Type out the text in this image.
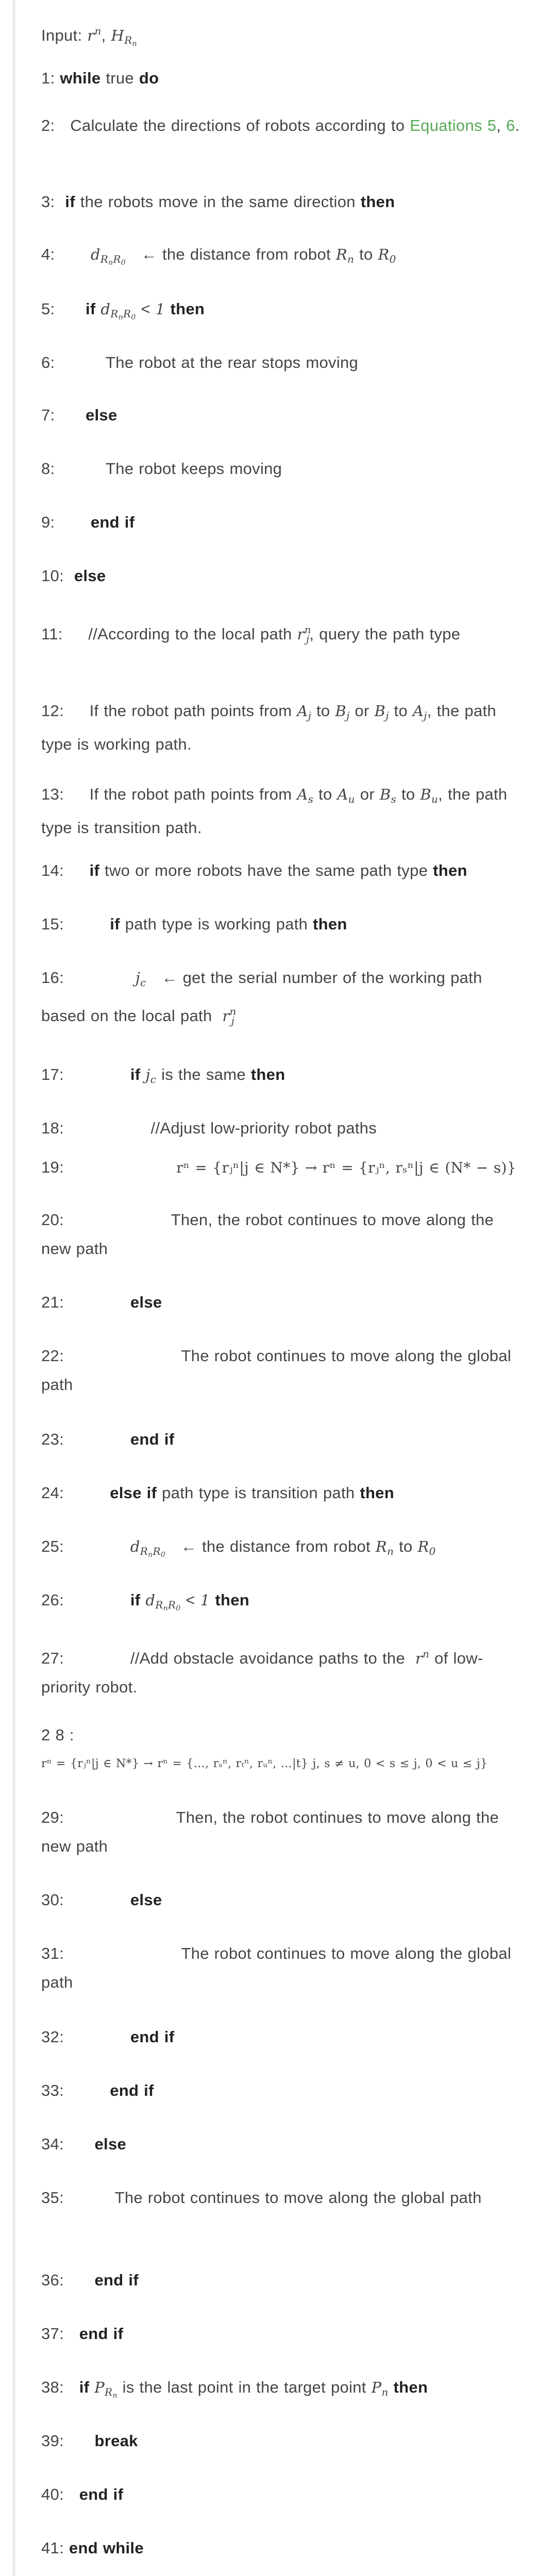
Input: $r^n$, $H_{Rn}$
1: while true do
2: Calculate the directions of robots according to Equations 5, 6.
3: if the robots move in the same direction then
4: $d_{RnR0}$ ← the distance from robot $R_n$ to $R_0$
5: if $d_{RnR0} < 1$ then
6:	The robot at the rear stops moving
7: else
8:	The robot keeps moving
9: end if
10: else
11: //According to the local path $r^n_j$, query the path type
12: If the robot path points from $A_j$ to $B_j$ or $B_j$ to $A_j$, the path type is working path.
13: If the robot path points from $A_s$ to $A_u$ or $B_s$ to $B_u$, the path type is transition path.
14: if two or more robots have the same path type then
15:	if path type is working path then
16:	$j_c$ ← get the serial number of the working path based on the local path $r^n_j$
17:	if $j_c$ is the same then
18:	//Adjust low-priority robot paths
19:	rⁿ = {rⱼⁿ|j ∈ N*} → rⁿ = {rⱼⁿ, rₛⁿ|j ∈ (N* − s)}
20:	Then, the robot continues to move along the new path
21:	else
22:	The robot continues to move along the global path
23:	end if
24:	else if path type is transition path then
25:	$d_{RnR0}$ ← the distance from robot $R_n$ to $R_0$
26:	if $d_{RnR0} < 1$ then
27:	//Add obstacle avoidance paths to the $r^n$ of low-priority robot.
2 8 :
rⁿ = {rⱼⁿ|j ∈ N*} → rⁿ = {…, rₛⁿ, rₜⁿ, rᵤⁿ, …|t} j, s ≠ u, 0 < s ≤ j, 0 < u ≤ j}
29:	Then, the robot continues to move along the new path
30:	else
31:	The robot continues to move along the global path
32:	end if
33:	end if
34: else
35:	The robot continues to move along the global path
36: end if
37: end if
38: if $P_{Rn}$ is the last point in the target point $P_n$ then
39: break
40: end if
41: end while
